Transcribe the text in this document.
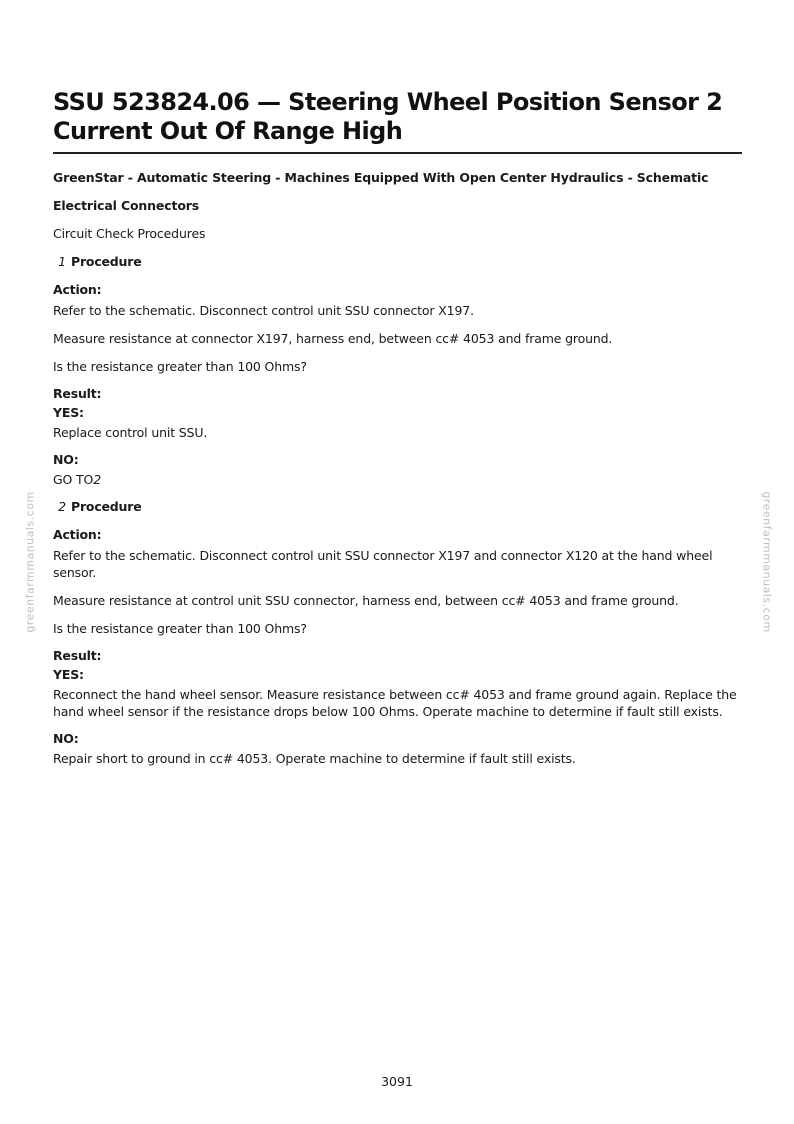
SSU 523824.06 — Steering Wheel Position Sensor 2 Current Out Of Range High

GreenStar - Automatic Steering - Machines Equipped With Open Center Hydraulics - Schematic

Electrical Connectors

Circuit Check Procedures

1 Procedure

Action:

Refer to the schematic. Disconnect control unit SSU connector X197.

Measure resistance at connector X197, harness end, between cc# 4053 and frame ground.

Is the resistance greater than 100 Ohms?

Result:

YES:

Replace control unit SSU.

NO:

GO TO2

2 Procedure

Action:

Refer to the schematic. Disconnect control unit SSU connector X197 and connector X120 at the hand wheel sensor.

Measure resistance at control unit SSU connector, harness end, between cc# 4053 and frame ground.

Is the resistance greater than 100 Ohms?

Result:

YES:

Reconnect the hand wheel sensor. Measure resistance between cc# 4053 and frame ground again. Replace the hand wheel sensor if the resistance drops below 100 Ohms. Operate machine to determine if fault still exists.

NO:

Repair short to ground in cc# 4053. Operate machine to determine if fault still exists.

greenfarmmanuals.com	greenfarmmanuals.com
3091
